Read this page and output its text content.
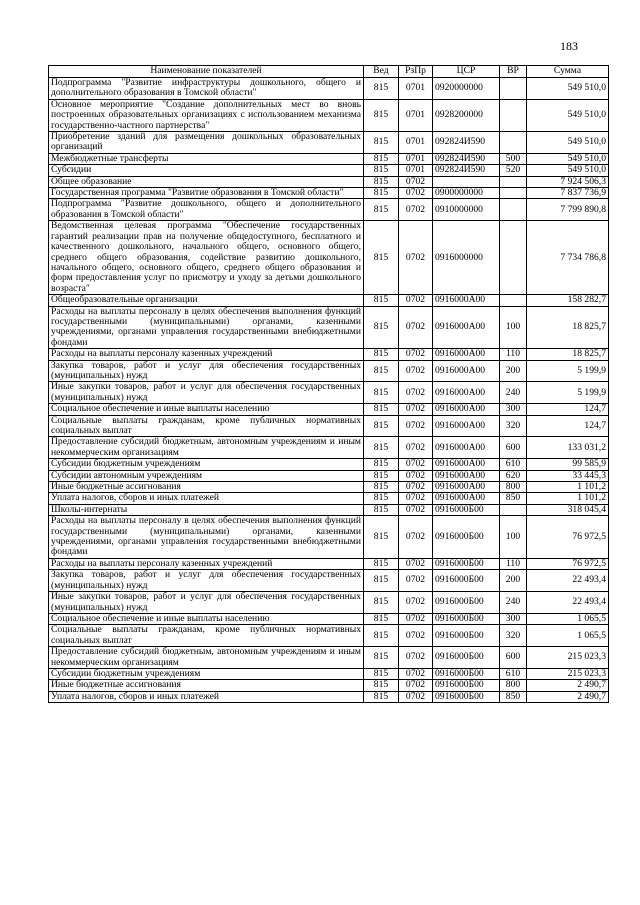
183
Наименование показателей	Вед	РзПр	ЦСР	ВР	Сумма
Подпрограмма "Развитие инфраструктуры дошкольного, общего и дополнительного образования в Томской области"	815	0701	0920000000		549 510,0
Основное мероприятие "Создание дополнительных мест во вновь построенных образовательных организациях с использованием механизма государственно-частного партнерства"	815	0701	0928200000		549 510,0
Приобретение зданий для размещения дошкольных образовательных организаций	815	0701	092824И590		549 510,0
Межбюджетные трансферты	815	0701	092824И590	500	549 510,0
Субсидии	815	0701	092824И590	520	549 510,0
Общее образование	815	0702			7 924 506,3
Государственная программа "Развитие образования в Томской области"	815	0702	0900000000		7 837 736,9
Подпрограмма "Развитие дошкольного, общего и дополнительного образования в Томской области"	815	0702	0910000000		7 799 890,8
Ведомственная целевая программа "Обеспечение государственных гарантий реализации прав на получение общедоступного, бесплатного и качественного дошкольного, начального общего, основного общего, среднего общего образования, содействие развитию дошкольного, начального общего, основного общего, среднего общего образования и форм предоставления услуг по присмотру и уходу за детьми дошкольного возраста"	815	0702	0916000000		7 734 786,8
Общеобразовательные организации	815	0702	0916000А00		158 282,7
Расходы на выплаты персоналу в целях обеспечения выполнения функций государственными (муниципальными) органами, казенными учреждениями, органами управления государственными внебюджетными фондами	815	0702	0916000А00	100	18 825,7
Расходы на выплаты персоналу казенных учреждений	815	0702	0916000А00	110	18 825,7
Закупка товаров, работ и услуг для обеспечения государственных (муниципальных) нужд	815	0702	0916000А00	200	5 199,9
Иные закупки товаров, работ и услуг для обеспечения государственных (муниципальных) нужд	815	0702	0916000А00	240	5 199,9
Социальное обеспечение и иные выплаты населению	815	0702	0916000А00	300	124,7
Социальные выплаты гражданам, кроме публичных нормативных социальных выплат	815	0702	0916000А00	320	124,7
Предоставление субсидий бюджетным, автономным учреждениям и иным некоммерческим организациям	815	0702	0916000А00	600	133 031,2
Субсидии бюджетным учреждениям	815	0702	0916000А00	610	99 585,9
Субсидии автономным учреждениям	815	0702	0916000А00	620	33 445,3
Иные бюджетные ассигнования	815	0702	0916000А00	800	1 101,2
Уплата налогов, сборов и иных платежей	815	0702	0916000А00	850	1 101,2
Школы-интернаты	815	0702	0916000Б00		318 045,4
Расходы на выплаты персоналу в целях обеспечения выполнения функций государственными (муниципальными) органами, казенными учреждениями, органами управления государственными внебюджетными фондами	815	0702	0916000Б00	100	76 972,5
Расходы на выплаты персоналу казенных учреждений	815	0702	0916000Б00	110	76 972,5
Закупка товаров, работ и услуг для обеспечения государственных (муниципальных) нужд	815	0702	0916000Б00	200	22 493,4
Иные закупки товаров, работ и услуг для обеспечения государственных (муниципальных) нужд	815	0702	0916000Б00	240	22 493,4
Социальное обеспечение и иные выплаты населению	815	0702	0916000Б00	300	1 065,5
Социальные выплаты гражданам, кроме публичных нормативных социальных выплат	815	0702	0916000Б00	320	1 065,5
Предоставление субсидий бюджетным, автономным учреждениям и иным некоммерческим организациям	815	0702	0916000Б00	600	215 023,3
Субсидии бюджетным учреждениям	815	0702	0916000Б00	610	215 023,3
Иные бюджетные ассигнования	815	0702	0916000Б00	800	2 490,7
Уплата налогов, сборов и иных платежей	815	0702	0916000Б00	850	2 490,7
